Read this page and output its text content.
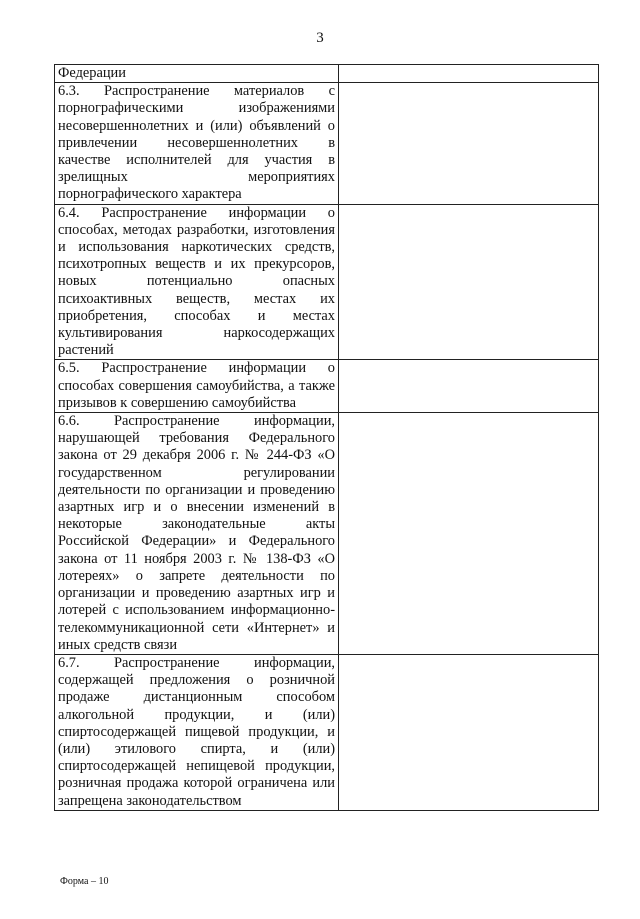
3
Федерации	

6.3. Распространение материалов с порнографическими изображениями несовершеннолетних и (или) объявлений о привлечении несовершеннолетних в качестве исполнителей для участия в зрелищных мероприятиях порнографического характера	

6.4. Распространение информации о способах, методах разработки, изготовления и использования наркотических средств, психотропных веществ и их прекурсоров, новых потенциально опасных психоактивных веществ, местах их приобретения, способах и местах культивирования наркосодержащих растений	

6.5. Распространение информации о способах совершения самоубийства, а также призывов к совершению самоубийства	

6.6. Распространение информации, нарушающей требования Федерального закона от 29 декабря 2006 г. № 244-ФЗ «О государственном регулировании деятельности по организации и проведению азартных игр и о внесении изменений в некоторые законодательные акты Российской Федерации» и Федерального закона от 11 ноября 2003 г. № 138-ФЗ «О лотереях» о запрете деятельности по организации и проведению азартных игр и лотерей с использованием информационно-телекоммуникационной сети «Интернет» и иных средств связи	

6.7. Распространение информации, содержащей предложения о розничной продаже дистанционным способом алкогольной продукции, и (или) спиртосодержащей пищевой продукции, и (или) этилового спирта, и (или) спиртосодержащей непищевой продукции, розничная продажа которой ограничена или запрещена законодательством	

Форма – 10
